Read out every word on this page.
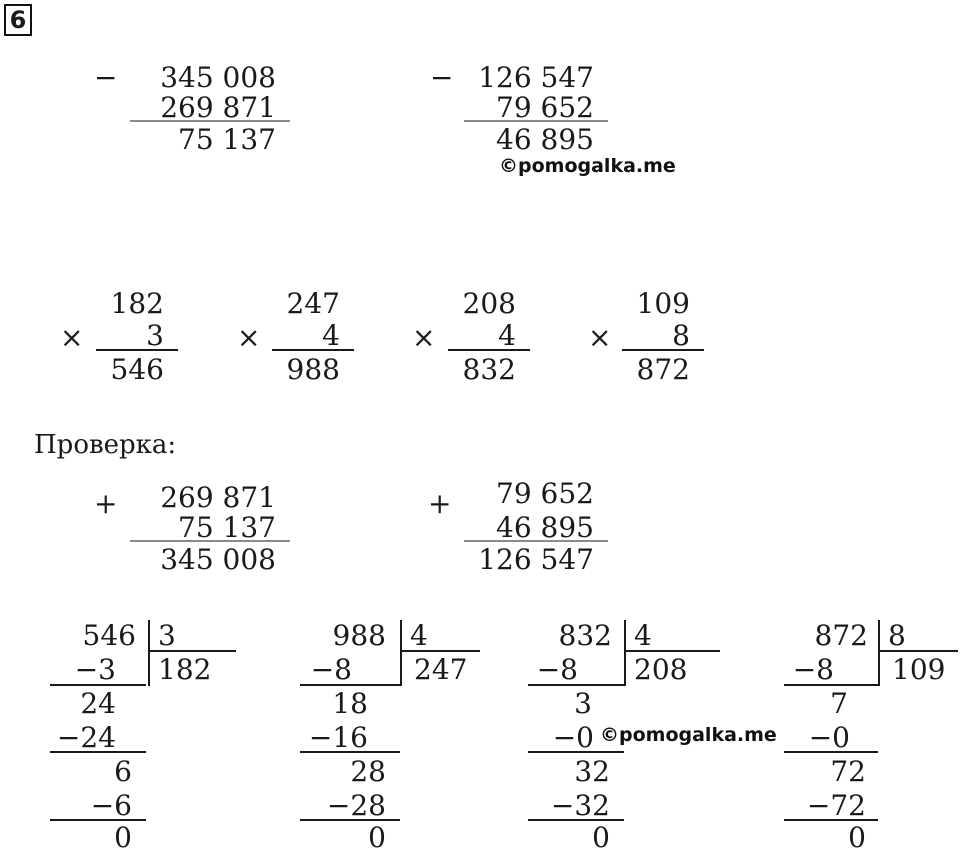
6
−	345 008
269 871
75 137
− 126 547
79 652
46 895
©pomogalka.me
×
182
3
546
×
247
4
988
×
208
4
832
×
109
8
872
Проверка:
+	269 871
75 137
345 008
+	79 652
46 895
126 547
546 3
182
−3
24
−24
6
−6
0
988 4
247
−8
18
−16
28
−28
0
832 4
208
−8
3
−0 ©pomogalka.me
32
−32
0
872 8
109
−8
7
−0
72
−72
0
